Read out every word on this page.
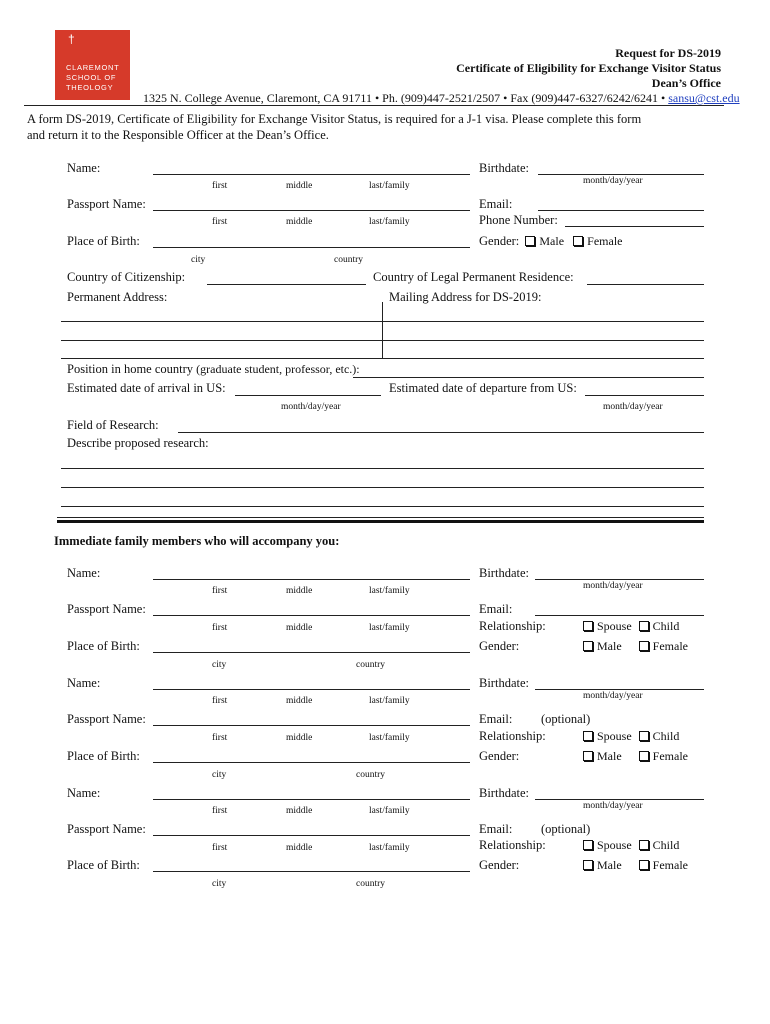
†
CLAREMONT
SCHOOL OF
THEOLOGY
Request for DS-2019
Certificate of Eligibility for Exchange Visitor Status
Dean’s Office
1325 N. College Avenue, Claremont, CA 91711 • Ph. (909)447-2521/2507 • Fax (909)447-6327/6242/6241 • sansu@cst.edu
A form DS-2019, Certificate of Eligibility for Exchange Visitor Status, is required for a J-1 visa. Please complete this form
and return it to the Responsible Officer at the Dean’s Office.
Name:	Birthdate:
month/day/year
first	middle	last/family
Passport Name:	Email:
first	middle	last/family	Phone Number:
Place of Birth:	Gender: Male Female
city	country
Country of Citizenship:	Country of Legal Permanent Residence:
Permanent Address:	Mailing Address for DS-2019:
Position in home country (graduate student, professor, etc.):
Estimated date of arrival in US:	Estimated date of departure from US:
month/day/year	month/day/year
Field of Research:
Describe proposed research:
Immediate family members who will accompany you:
Name:	Birthdate:
month/day/year
first	middle	last/family
Passport Name:	Email:
first	middle	last/family	Relationship:	Spouse Child
Place of Birth:	Gender:	Male	Female
city	country
Name:	Birthdate:
month/day/year
first	middle	last/family
Passport Name:	Email: (optional)
first	middle	last/family	Relationship:	Spouse Child
Place of Birth:	Gender:	Male	Female
city	country
Name:	Birthdate:
month/day/year
first	middle	last/family
Passport Name:	Email: (optional)
first	middle	last/family	Relationship:	Spouse Child
Place of Birth:	Gender:	Male	Female
city	country
